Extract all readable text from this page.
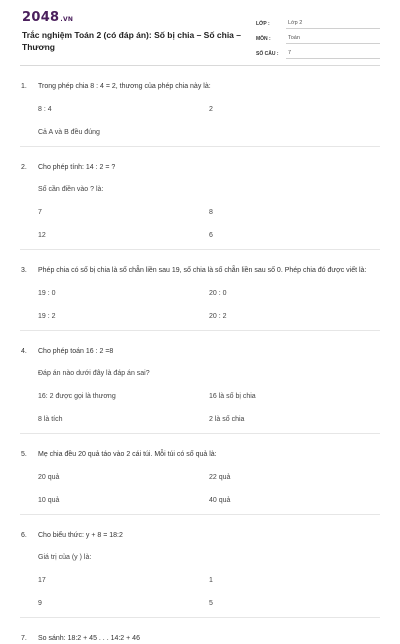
2048.VN
Trắc nghiệm Toán 2 (có đáp án): Số bị chia – Số chia – Thương
LỚP :	Lớp 2
MÔN :	Toán
SỐ CÂU :	7
1.	Trong phép chia 8 : 4 = 2, thương của phép chia này là:
8 : 4	2
Cả A và B đều đúng
2.	Cho phép tính: 14 : 2 = ?
Số cần điền vào ? là:
7	8
12	6
3.	Phép chia có số bị chia là số chẵn liền sau 19, số chia là số chẵn liền sau số 0. Phép chia đó được viết là:
19 : 0	20 : 0
19 : 2	20 : 2
4.	Cho phép toán 16 : 2 =8
Đáp án nào dưới đây là đáp án sai?
16: 2 được gọi là thương	16 là số bị chia
8 là tích	2 là số chia
5.	Mẹ chia đều 20 quả táo vào 2 cái túi. Mỗi túi có số quả là:
20 quả	22 quả
10 quả	40 quả
6.	Cho biểu thức: y + 8 = 18:2
Giá trị của (y ) là:
17	1
9	5
7.	So sánh: 18:2 + 45 . . . 14:2 + 46
